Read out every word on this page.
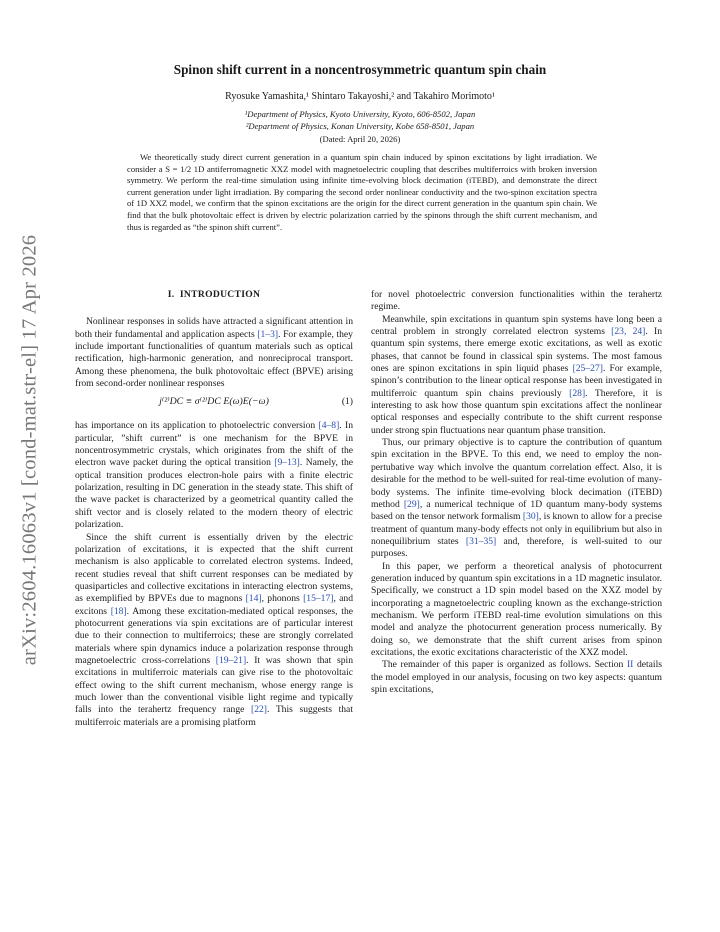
arXiv:2604.16063v1 [cond-mat.str-el] 17 Apr 2026
Spinon shift current in a noncentrosymmetric quantum spin chain
Ryosuke Yamashita,¹ Shintaro Takayoshi,² and Takahiro Morimoto¹
¹Department of Physics, Kyoto University, Kyoto, 606-8502, Japan
²Department of Physics, Konan University, Kobe 658-8501, Japan
(Dated: April 20, 2026)

We theoretically study direct current generation in a quantum spin chain induced by spinon excitations by light irradiation. We consider a S = 1/2 1D antiferromagnetic XXZ model with magnetoelectric coupling that describes multiferroics with broken inversion symmetry. We perform the real-time simulation using infinite time-evolving block decimation (iTEBD), and demonstrate the direct current generation under light irradiation. By comparing the second order nonlinear conductivity and the two-spinon excitation spectra of 1D XXZ model, we confirm that the spinon excitations are the origin for the direct current generation in the quantum spin chain. We find that the bulk photovoltaic effect is driven by electric polarization carried by the spinons through the shift current mechanism, and thus is regarded as “the spinon shift current”.

I. INTRODUCTION

Nonlinear responses in solids have attracted a significant attention in both their fundamental and application aspects [1–3]. For example, they include important functionalities of quantum materials such as optical rectification, high-harmonic generation, and nonreciprocal transport. Among these phenomena, the bulk photovoltaic effect (BPVE) arising from second-order nonlinear responses

j⁽²⁾DC ≡ σ⁽²⁾DC E(ω)E(−ω)	(1)

has importance on its application to photoelectric conversion [4–8]. In particular, ”shift current” is one mechanism for the BPVE in noncentrosymmetric crystals, which originates from the shift of the electron wave packet during the optical transition [9–13]. Namely, the optical transition produces electron-hole pairs with a finite electric polarization, resulting in DC generation in the steady state. This shift of the wave packet is characterized by a geometrical quantity called the shift vector and is closely related to the modern theory of electric polarization.

Since the shift current is essentially driven by the electric polarization of excitations, it is expected that the shift current mechanism is also applicable to correlated electron systems. Indeed, recent studies reveal that shift current responses can be mediated by quasiparticles and collective excitations in interacting electron systems, as exemplified by BPVEs due to magnons [14], phonons [15–17], and excitons [18]. Among these excitation-mediated optical responses, the photocurrent generations via spin excitations are of particular interest due to their connection to multiferroics; these are strongly correlated materials where spin dynamics induce a polarization response through magnetoelectric cross-correlations [19–21]. It was shown that spin excitations in multiferroic materials can give rise to the photovoltaic effect owing to the shift current mechanism, whose energy range is much lower than the conventional visible light regime and typically falls into the terahertz frequency range [22]. This suggests that multiferroic materials are a promising platform

for novel photoelectric conversion functionalities within the terahertz regime.

Meanwhile, spin excitations in quantum spin systems have long been a central problem in strongly correlated electron systems [23, 24]. In quantum spin systems, there emerge exotic excitations, as well as exotic phases, that cannot be found in classical spin systems. The most famous ones are spinon excitations in spin liquid phases [25–27]. For example, spinon’s contribution to the linear optical response has been investigated in multiferroic quantum spin chains previously [28]. Therefore, it is interesting to ask how those quantum spin excitations affect the nonlinear optical responses and especially contribute to the shift current response under strong spin fluctuations near quantum phase transition.

Thus, our primary objective is to capture the contribution of quantum spin excitation in the BPVE. To this end, we need to employ the non-pertubative way which involve the quantum correlation effect. Also, it is desirable for the method to be well-suited for real-time evolution of many-body systems. The infinite time-evolving block decimation (iTEBD) method [29], a numerical technique of 1D quantum many-body systems based on the tensor network formalism [30], is known to allow for a precise treatment of quantum many-body effects not only in equilibrium but also in nonequilibrium states [31–35] and, therefore, is well-suited to our purposes.

In this paper, we perform a theoretical analysis of photocurrent generation induced by quantum spin excitations in a 1D magnetic insulator. Specifically, we construct a 1D spin model based on the XXZ model by incorporating a magnetoelectric coupling known as the exchange-striction mechanism. We perform iTEBD real-time evolution simulations on this model and analyze the photocurrent generation process numerically. By doing so, we demonstrate that the shift current arises from spinon excitations, the exotic excitations characteristic of the XXZ model.

The remainder of this paper is organized as follows. Section II details the model employed in our analysis, focusing on two key aspects: quantum spin excitations,
